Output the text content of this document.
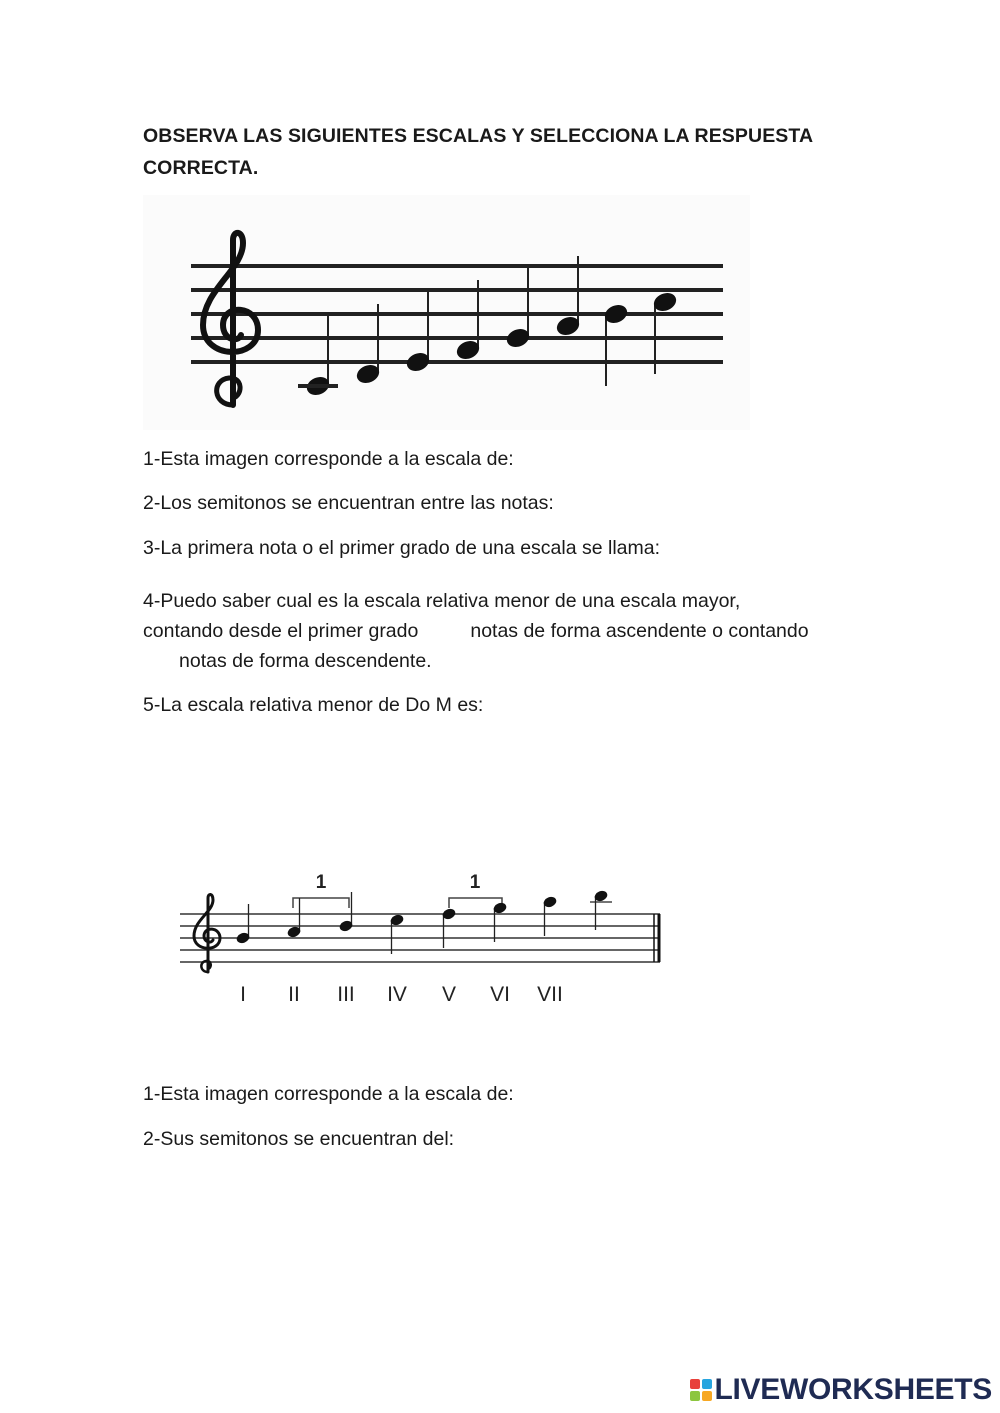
OBSERVA LAS SIGUIENTES ESCALAS Y SELECCIONA LA RESPUESTA CORRECTA.
1-Esta imagen corresponde a la escala de:
2-Los semitonos se encuentran entre las notas:
3-La primera nota o el primer grado de una escala se llama:
4-Puedo saber cual es la escala relativa menor de una escala mayor, contando desde el primer grado	notas de forma ascendente o contandonotas de forma descendente.
5-La escala relativa menor de Do M es:
1	1
I II III IV V VI VII
1-Esta imagen corresponde a la escala de:
2-Sus semitonos se encuentran del:
LIVEWORKSHEETS
